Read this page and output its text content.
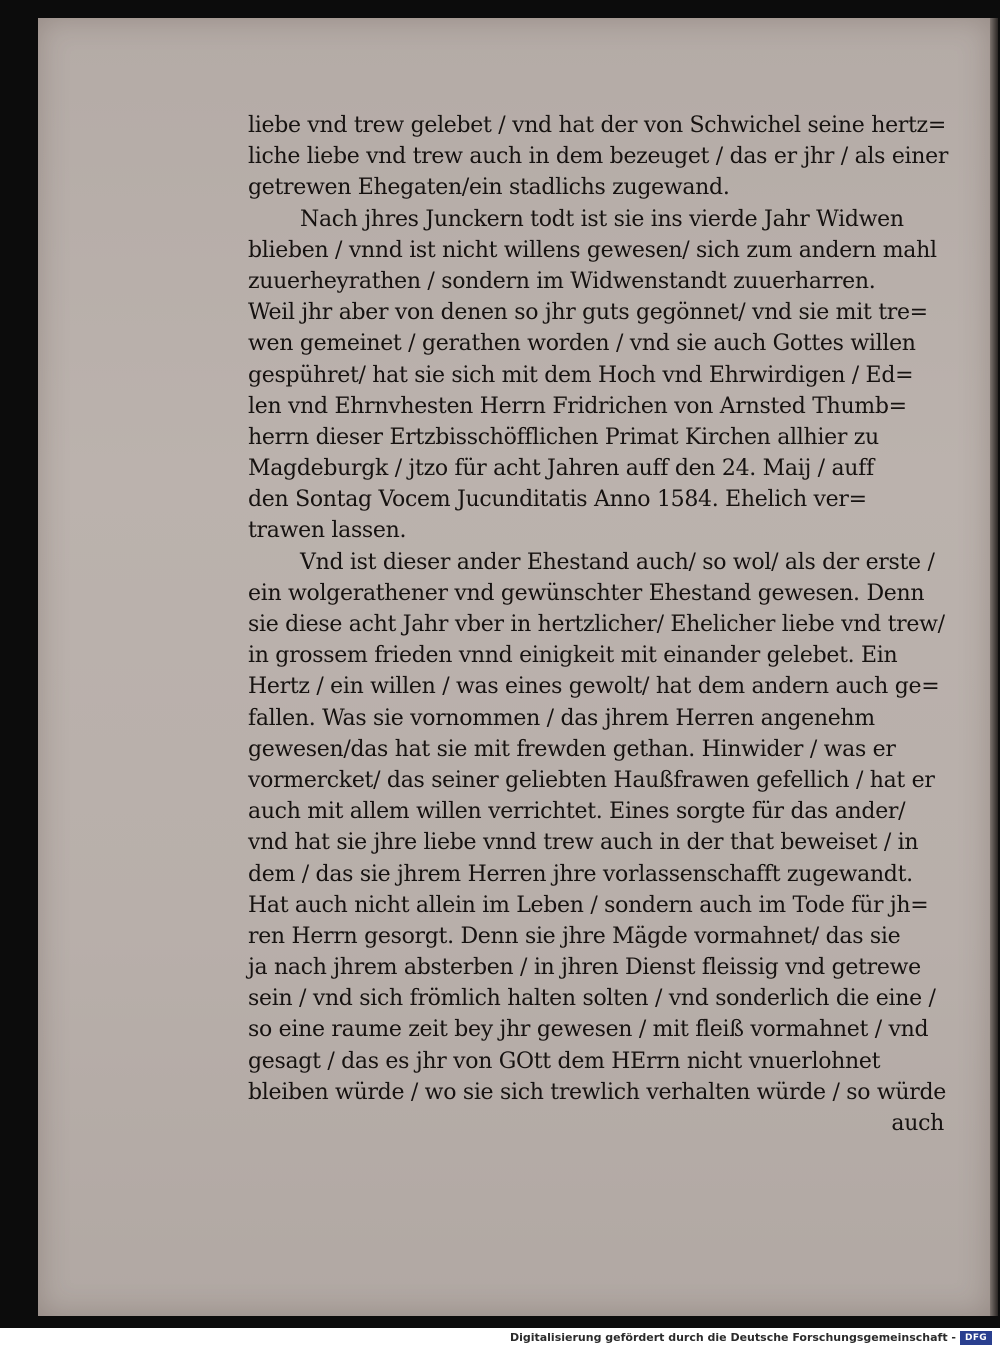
liebe vnd trew gelebet / vnd hat der von Schwichel seine hertz=
liche liebe vnd trew auch in dem bezeuget / das er jhr / als einer
getrewen Ehegaten/ein stadlichs zugewand.
Nach jhres Junckern todt ist sie ins vierde Jahr Widwen
blieben / vnnd ist nicht willens gewesen/ sich zum andern mahl
zuuerheyrathen / sondern im Widwenstandt zuuerharren.
Weil jhr aber von denen so jhr guts gegönnet/ vnd sie mit tre=
wen gemeinet / gerathen worden / vnd sie auch Gottes willen
gespühret/ hat sie sich mit dem Hoch vnd Ehrwirdigen / Ed=
len vnd Ehrnvhesten Herrn Fridrichen von Arnsted Thumb=
herrn dieser Ertzbisschöfflichen Primat Kirchen allhier zu
Magdeburgk / jtzo für acht Jahren auff den 24. Maij / auff
den Sontag Vocem Jucunditatis Anno 1584. Ehelich ver=
trawen lassen.
Vnd ist dieser ander Ehestand auch/ so wol/ als der erste /
ein wolgerathener vnd gewünschter Ehestand gewesen. Denn
sie diese acht Jahr vber in hertzlicher/ Ehelicher liebe vnd trew/
in grossem frieden vnnd einigkeit mit einander gelebet. Ein
Hertz / ein willen / was eines gewolt/ hat dem andern auch ge=
fallen. Was sie vornommen / das jhrem Herren angenehm
gewesen/das hat sie mit frewden gethan. Hinwider / was er
vormercket/ das seiner geliebten Haußfrawen gefellich / hat er
auch mit allem willen verrichtet. Eines sorgte für das ander/
vnd hat sie jhre liebe vnnd trew auch in der that beweiset / in
dem / das sie jhrem Herren jhre vorlassenschafft zugewandt.
Hat auch nicht allein im Leben / sondern auch im Tode für jh=
ren Herrn gesorgt. Denn sie jhre Mägde vormahnet/ das sie
ja nach jhrem absterben / in jhren Dienst fleissig vnd getrewe
sein / vnd sich frömlich halten solten / vnd sonderlich die eine /
so eine raume zeit bey jhr gewesen / mit fleiß vormahnet / vnd
gesagt / das es jhr von GOtt dem HErrn nicht vnuerlohnet
bleiben würde / wo sie sich trewlich verhalten würde / so würde
auch
Digitalisierung gefördert durch die Deutsche Forschungsgemeinschaft -	DFG
